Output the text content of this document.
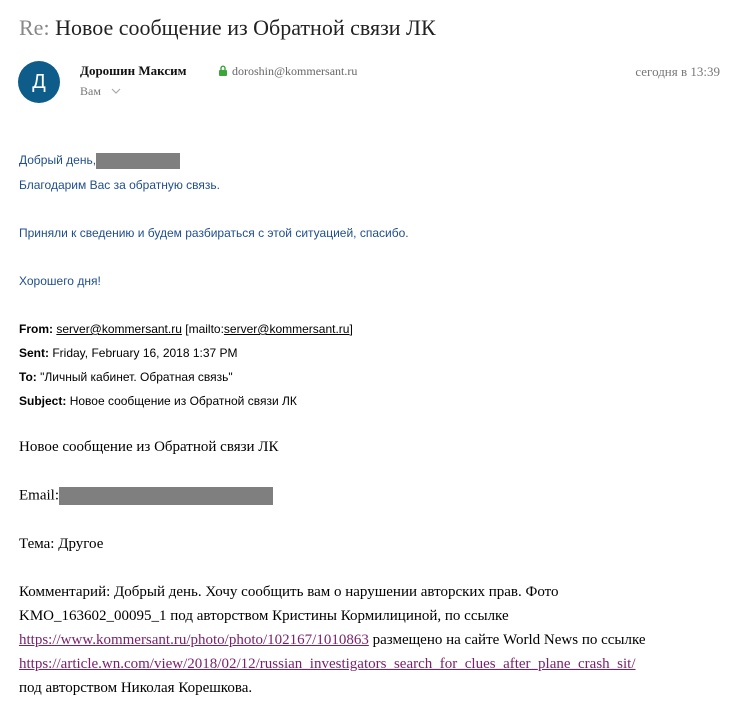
Re: Новое сообщение из Обратной связи ЛК
Д	Дорошин Максим	doroshin@kommersant.ru
Вам
сегодня в 13:39
Добрый день,
Благодарим Вас за обратную связь.
Приняли к сведению и будем разбираться с этой ситуацией, спасибо.
Хорошего дня!
From: server@kommersant.ru [mailto:server@kommersant.ru]
Sent: Friday, February 16, 2018 1:37 PM
To: "Личный кабинет. Обратная связь"
Subject: Новое сообщение из Обратной связи ЛК
Новое сообщение из Обратной связи ЛК
Email:
Тема: Другое
Комментарий: Добрый день. Хочу сообщить вам о нарушении авторских прав. Фото
KMO_163602_00095_1 под авторством Кристины Кормилициной, по ссылке
https://www.kommersant.ru/photo/photo/102167/1010863 размещено на сайте World News по ссылке
https://article.wn.com/view/2018/02/12/russian_investigators_search_for_clues_after_plane_crash_sit/
под авторством Николая Корешкова.
